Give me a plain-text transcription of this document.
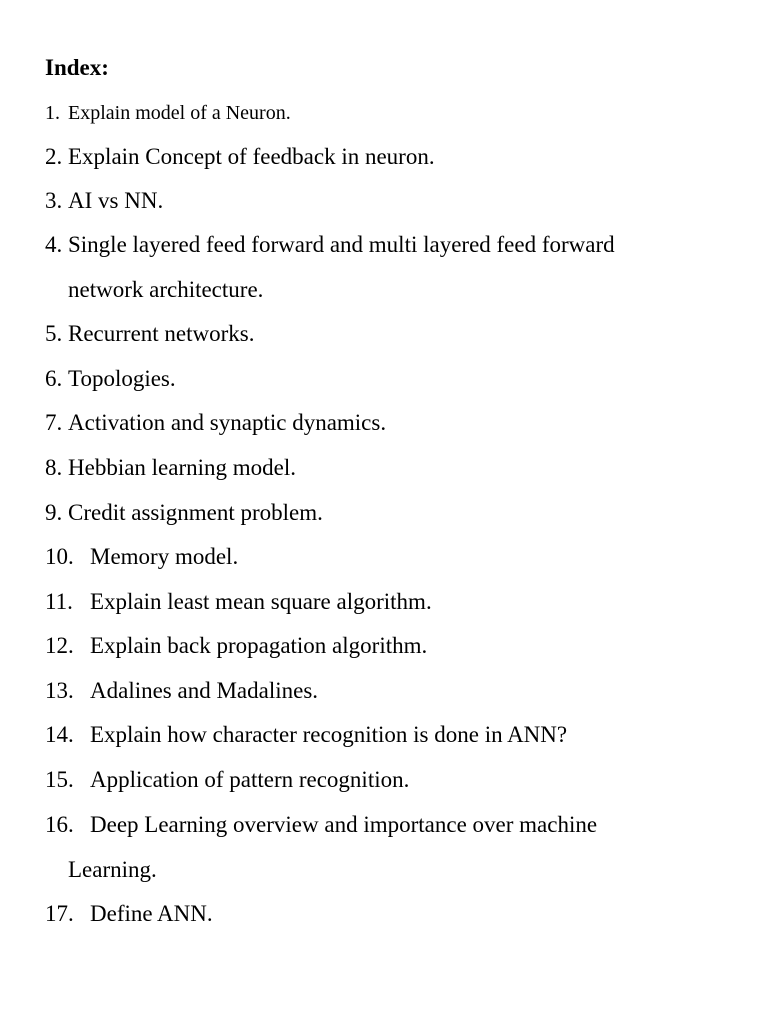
Index:
1. Explain model of a Neuron.
2. Explain Concept of feedback in neuron.
3. AI vs NN.
4. Single layered feed forward and multi layered feed forward
network architecture.
5. Recurrent networks.
6. Topologies.
7. Activation and synaptic dynamics.
8. Hebbian learning model.
9. Credit assignment problem.
10. Memory model.
11. Explain least mean square algorithm.
12. Explain back propagation algorithm.
13. Adalines and Madalines.
14. Explain how character recognition is done in ANN?
15. Application of pattern recognition.
16. Deep Learning overview and importance over machine
Learning.
17. Define ANN.
